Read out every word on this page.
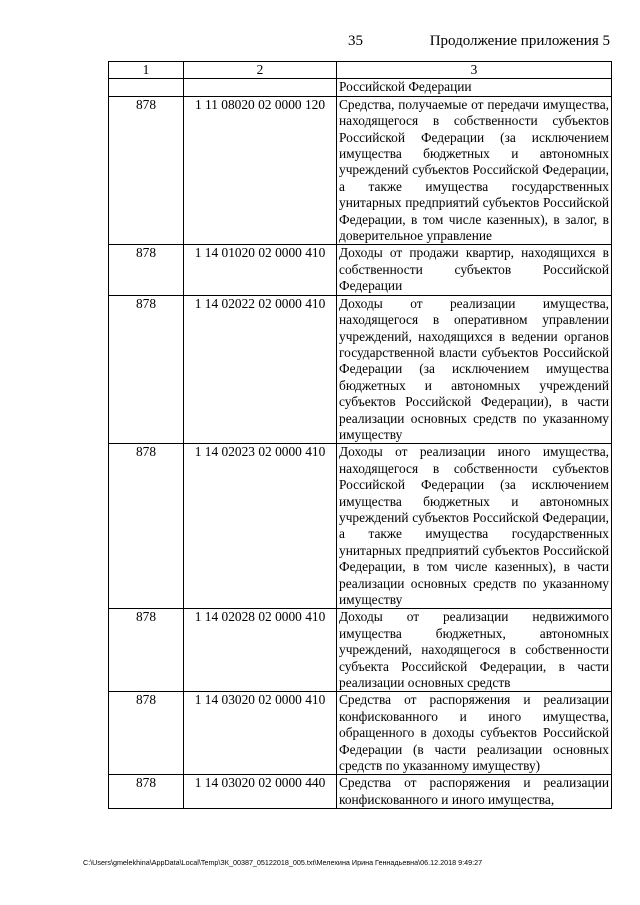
35	Продолжение приложения 5
1	2	3
		Российской Федерации
878	1 11 08020 02 0000 120	Средства, получаемые от передачи имущества, находящегося в собственности субъектов Российской Федерации (за исключением имущества бюджетных и автономных учреждений субъектов Российской Федерации, а также имущества государственных унитарных предприятий субъектов Российской Федерации, в том числе казенных), в залог, в доверительное управление
878	1 14 01020 02 0000 410	Доходы от продажи квартир, находящихся в собственности субъектов Российской Федерации
878	1 14 02022 02 0000 410	Доходы от реализации имущества, находящегося в оперативном управлении учреждений, находящихся в ведении органов государственной власти субъектов Российской Федерации (за исключением имущества бюджетных и автономных учреждений субъектов Российской Федерации), в части реализации основных средств по указанному имуществу
878	1 14 02023 02 0000 410	Доходы от реализации иного имущества, находящегося в собственности субъектов Российской Федерации (за исключением имущества бюджетных и автономных учреждений субъектов Российской Федерации, а также имущества государственных унитарных предприятий субъектов Российской Федерации, в том числе казенных), в части реализации основных средств по указанному имуществу
878	1 14 02028 02 0000 410	Доходы от реализации недвижимого имущества бюджетных, автономных учреждений, находящегося в собственности субъекта Российской Федерации, в части реализации основных средств
878	1 14 03020 02 0000 410	Средства от распоряжения и реализации конфискованного и иного имущества, обращенного в доходы субъектов Российской Федерации (в части реализации основных средств по указанному имуществу)
878	1 14 03020 02 0000 440	Средства от распоряжения и реализации конфискованного и иного имущества,
C:\Users\gmelekhina\AppData\Local\Temp\ЗК_00387_05122018_005.txt\Мелехина Ирина Геннадьевна\06.12.2018 9:49:27
